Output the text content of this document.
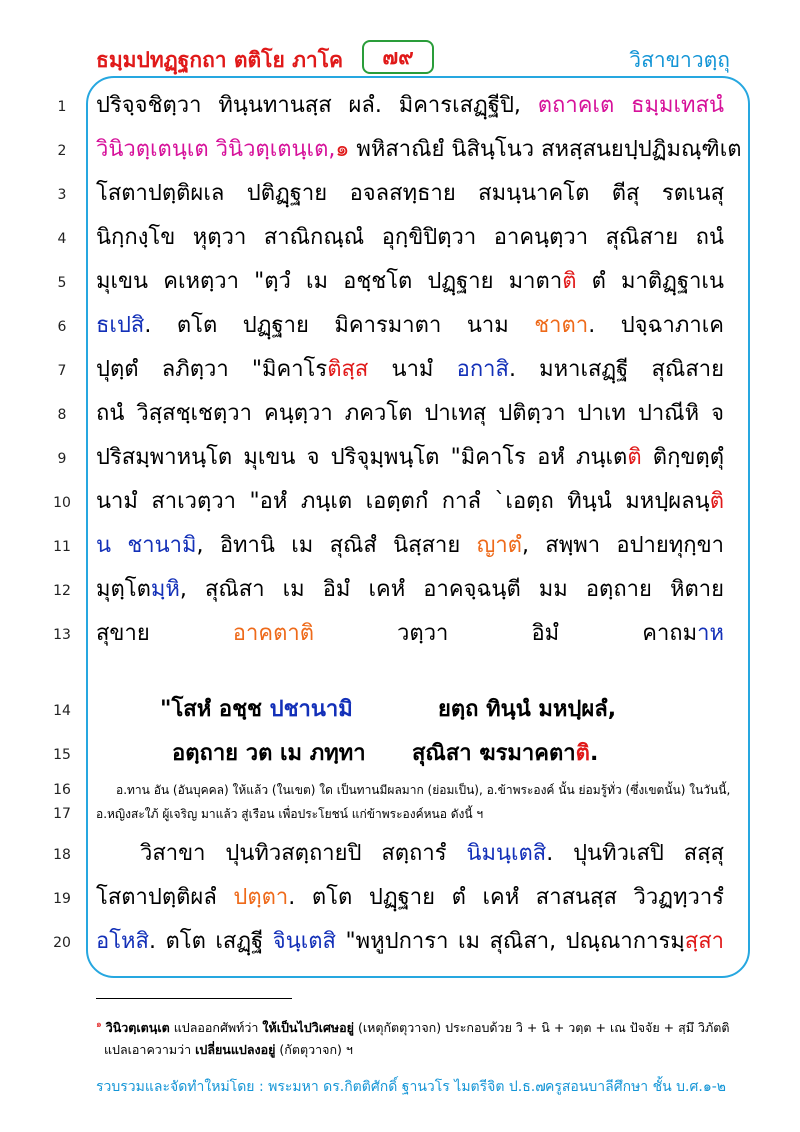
ธมฺมปทฏฺฐกถา ตติโย ภาโค	๗๙	วิสาขาวตฺถุ
1	ปริจฺจชิตฺวา ทินฺนทานสฺส ผลํ. มิคารเสฏฺฐีปิ, ตถาคเต ธมฺมเทสนํ
2	วินิวตฺเตนฺเต วินิวตฺเตนฺเต,๑ พหิสาณิยํ นิสินฺโนว สหสฺสนยปฺปฏิมณฺฑิเต
3	โสตาปตฺติผเล ปติฏฺฐาย อจลสทฺธาย สมนฺนาคโต ตีสุ รตเนสุ
4	นิกฺกงฺโข หุตฺวา สาณิกณฺณํ อุกฺขิปิตฺวา อาคนฺตฺวา สุณิสาย ถนํ
5	มุเขน คเหตฺวา "ตฺวํ เม อชฺชโต ปฏฺฐาย มาตาติ ตํ มาติฏฺฐาเน
6	ธเปสิ. ตโต ปฏฺฐาย มิคารมาตา นาม ชาตา. ปจฺฉาภาเค
7	ปุตฺตํ ลภิตฺวา "มิคาโรติสฺส นามํ อกาสิ. มหาเสฏฺฐี สุณิสาย
8	ถนํ วิสฺสชฺเชตฺวา คนฺตฺวา ภควโต ปาเทสุ ปติตฺวา ปาเท ปาณีหิ จ
9	ปริสมฺพาหนฺโต มุเขน จ ปริจุมฺพนฺโต "มิคาโร อหํ ภนฺเตติ ติกฺขตฺตุํ
10	นามํ สาเวตฺวา "อหํ ภนฺเต เอตฺตกํ กาลํ `เอตฺถ ทินฺนํ มหปฺผลนฺติ
11	น ชานามิ, อิทานิ เม สุณิสํ นิสฺสาย ญาตํ, สพฺพา อปายทุกฺขา
12	มุตฺโตมฺหิ, สุณิสา เม อิมํ เคหํ อาคจฺฉนฺตี มม อตฺถาย หิตาย
13	สุขาย อาคตาติ วตฺวา อิมํ คาถมาห
14	"โสหํ อชฺช ปชานามิ	ยตฺถ ทินฺนํ มหปฺผลํ,
15	อตฺถาย วต เม ภทฺทา สุณิสา ฆรมาคตาติ.
16	อ.ทาน อัน (อันบุคคล) ให้แล้ว (ในเขต) ใด เป็นทานมีผลมาก (ย่อมเป็น), อ.ข้าพระองค์ นั้น ย่อมรู้ทั่ว (ซึ่งเขตนั้น) ในวันนี้,
17	อ.หญิงสะใภ้ ผู้เจริญ มาแล้ว สู่เรือน เพื่อประโยชน์ แก่ข้าพระองค์หนอ ดังนี้ ฯ
18	วิสาขา ปุนทิวสตฺถายปิ สตฺถารํ นิมนฺเตสิ. ปุนทิวเสปิ สสฺสุ
19	โสตาปตฺติผลํ ปตฺตา. ตโต ปฏฺฐาย ตํ เคหํ สาสนสฺส วิวฏทฺวารํ
20	อโหสิ. ตโต เสฏฺฐี จินฺเตสิ "พหูปการา เม สุณิสา, ปณฺณาการมฺสฺสา
$^๑$ วินิวตฺเตนฺเต แปลออกศัพท์ว่า ให้เป็นไปวิเศษอยู่ (เหตุกัตตุวาจก) ประกอบด้วย วิ + นิ + วตฺต + เณ ปัจจัย + สฺมึ วิภัตติ
แปลเอาความว่า เปลี่ยนแปลงอยู่ (กัตตุวาจก) ฯ
รวบรวมและจัดทำใหม่โดย : พระมหา ดร.กิตติศักดิ์ ฐานวโร ไมตรีจิต ป.ธ.๗ ครูสอนบาลีศึกษา ชั้น บ.ศ.๑-๒
